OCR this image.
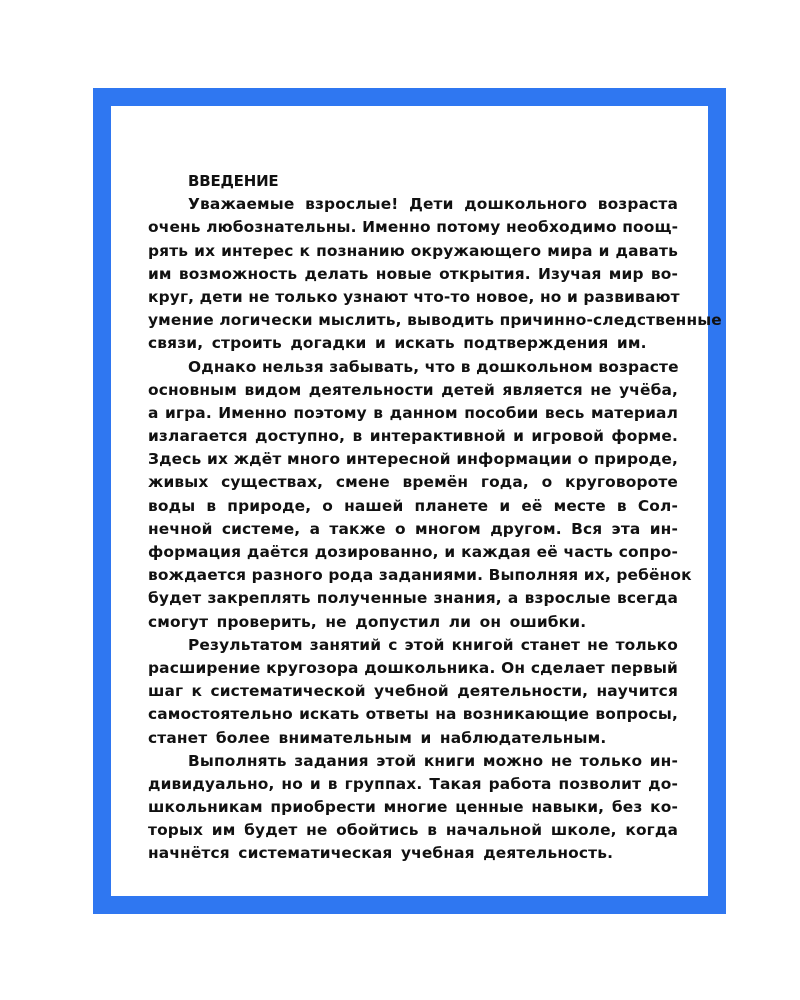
ВВЕДЕНИЕ
Уважаемые взрослые! Дети дошкольного возраста
очень любознательны. Именно потому необходимо поощ-
рять их интерес к познанию окружающего мира и давать
им возможность делать новые открытия. Изучая мир во-
круг, дети не только узнают что-то новое, но и развивают
умение логически мыслить, выводить причинно-следственные
связи, строить догадки и искать подтверждения им.
Однако нельзя забывать, что в дошкольном возрасте
основным видом деятельности детей является не учёба,
а игра. Именно поэтому в данном пособии весь материал
излагается доступно, в интерактивной и игровой форме.
Здесь их ждёт много интересной информации о природе,
живых существах, смене времён года, о круговороте
воды в природе, о нашей планете и её месте в Сол-
нечной системе, а также о многом другом. Вся эта ин-
формация даётся дозированно, и каждая её часть сопро-
вождается разного рода заданиями. Выполняя их, ребёнок
будет закреплять полученные знания, а взрослые всегда
смогут проверить, не допустил ли он ошибки.
Результатом занятий с этой книгой станет не только
расширение кругозора дошкольника. Он сделает первый
шаг к систематической учебной деятельности, научится
самостоятельно искать ответы на возникающие вопросы,
станет более внимательным и наблюдательным.
Выполнять задания этой книги можно не только ин-
дивидуально, но и в группах. Такая работа позволит до-
школьникам приобрести многие ценные навыки, без ко-
торых им будет не обойтись в начальной школе, когда
начнётся систематическая учебная деятельность.
